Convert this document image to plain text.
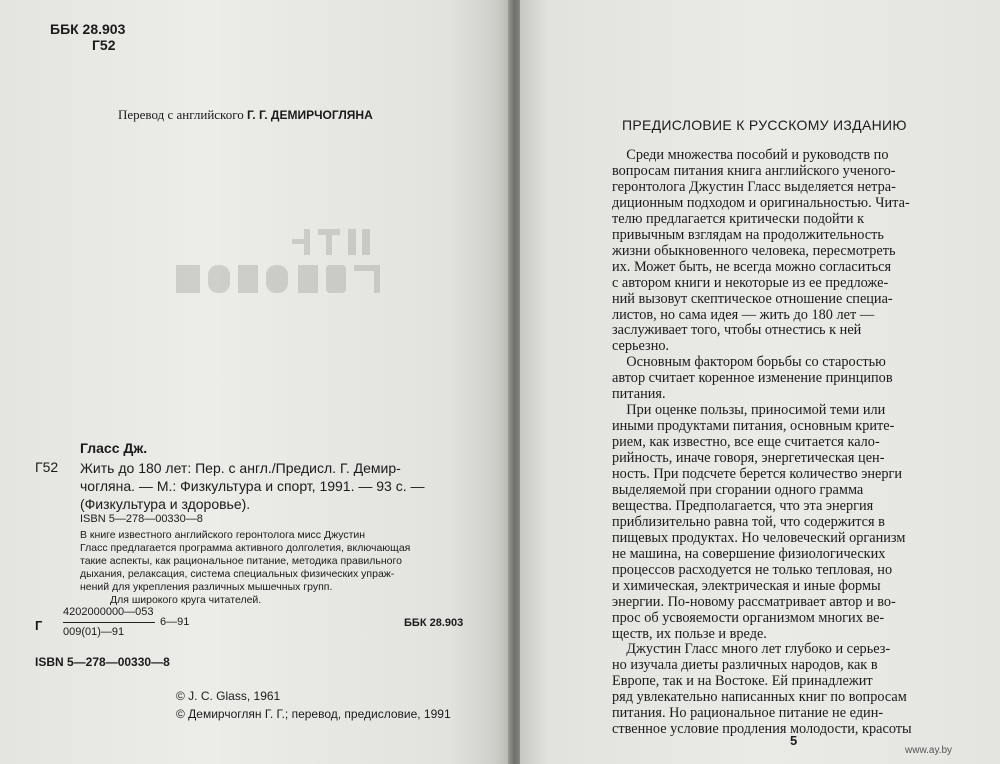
ББК 28.903
Г52
Перевод с английского Г. Г. ДЕМИРЧОГЛЯНА
Гласс Дж.
Г52 Жить до 180 лет: Пер. с англ./Предисл. Г. Демир-
чогляна. — М.: Физкультура и спорт, 1991. — 93 с. —
(Физкультура и здоровье).
ISBN 5—278—00330—8
В книге известного английского геронтолога мисс Джустин
Гласс предлагается программа активного долголетия, включающая
такие аспекты, как рациональное питание, методика правильного
дыхания, релаксация, система специальных физических упраж-
нений для укрепления различных мышечных групп.
Для широкого круга читателей.
Г
4202000000—053
009(01)—91
6—91	ББК 28.903
ISBN 5—278—00330—8
© J. C. Glass, 1961
© Демирчоглян Г. Г.; перевод, предисловие, 1991
ПРЕДИСЛОВИЕ К РУССКОМУ ИЗДАНИЮ
Среди множества пособий и руководств по
вопросам питания книга английского ученого-
геронтолога Джустин Гласс выделяется нетра-
диционным подходом и оригинальностью. Чита-
телю предлагается критически подойти к
привычным взглядам на продолжительность
жизни обыкновенного человека, пересмотреть
их. Может быть, не всегда можно согласиться
с автором книги и некоторые из ее предложе-
ний вызовут скептическое отношение специа-
листов, но сама идея — жить до 180 лет —
заслуживает того, чтобы отнестись к ней
серьезно.
Основным фактором борьбы со старостью
автор считает коренное изменение принципов
питания.
При оценке пользы, приносимой теми или
иными продуктами питания, основным крите-
рием, как известно, все еще считается кало-
рийность, иначе говоря, энергетическая цен-
ность. При подсчете берется количество энерги
выделяемой при сгорании одного грамма
вещества. Предполагается, что эта энергия
приблизительно равна той, что содержится в
пищевых продуктах. Но человеческий организм
не машина, на совершение физиологических
процессов расходуется не только тепловая, но
и химическая, электрическая и иные формы
энергии. По-новому рассматривает автор и во-
прос об усвояемости организмом многих ве-
ществ, их пользе и вреде.
Джустин Гласс много лет глубоко и серьез-
но изучала диеты различных народов, как в
Европе, так и на Востоке. Ей принадлежит
ряд увлекательно написанных книг по вопросам
питания. Но рациональное питание не един-
ственное условие продления молодости, красоты
5
www.ay.by
